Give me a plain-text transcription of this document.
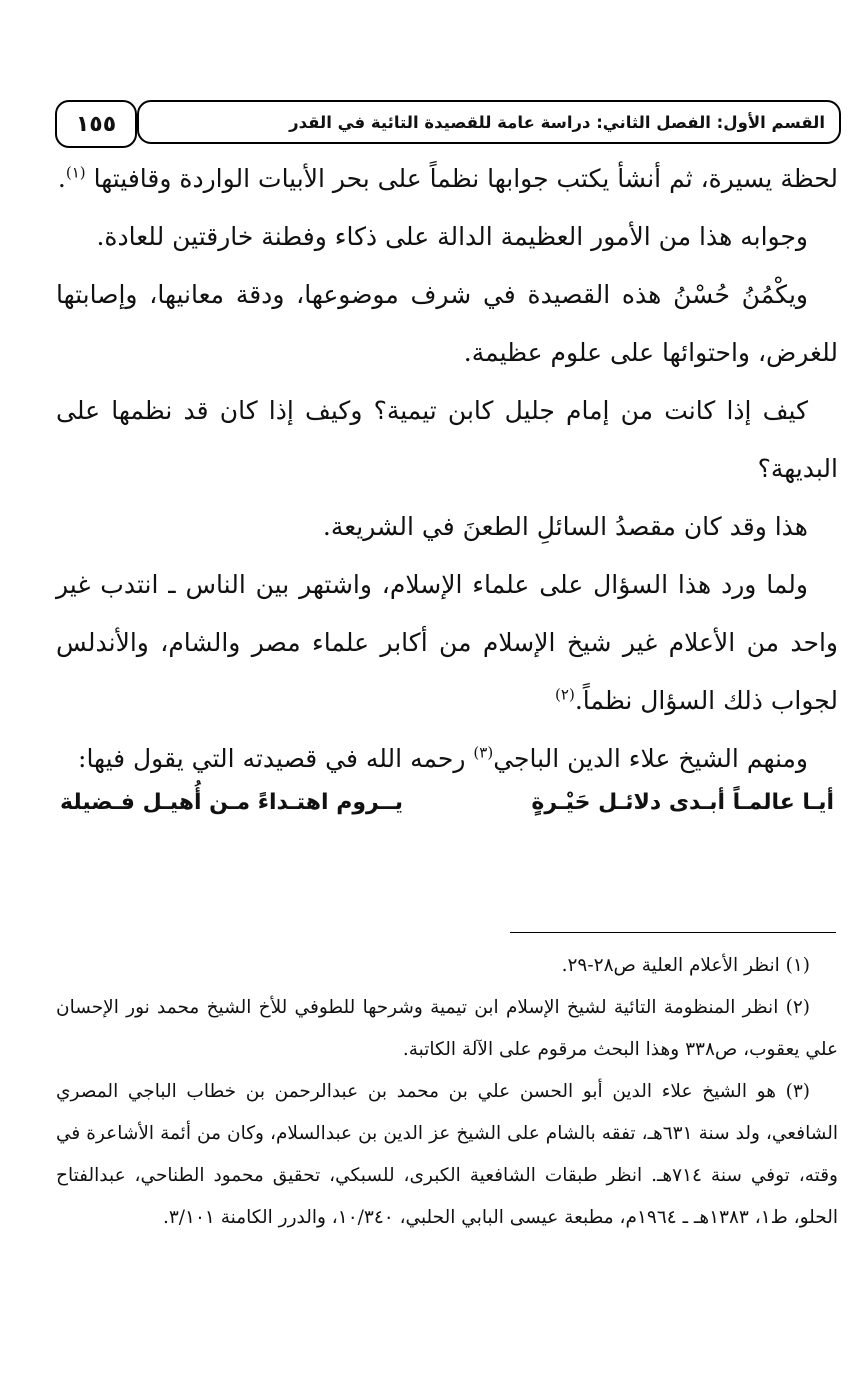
١٥٥	القسم الأول: الفصل الثاني: دراسة عامة للقصيدة التائية في القدر

لحظة يسيرة، ثم أنشأ يكتب جوابها نظماً على بحر الأبيات الواردة وقافيتها $^{(١)}$.

وجوابه هذا من الأمور العظيمة الدالة على ذكاء وفطنة خارقتين للعادة.

ويكْمُنُ حُسْنُ هذه القصيدة في شرف موضوعها، ودقة معانيها، وإصابتها للغرض، واحتوائها على علوم عظيمة.

كيف إذا كانت من إمام جليل كابن تيمية؟ وكيف إذا كان قد نظمها على البديهة؟

هذا وقد كان مقصدُ السائلِ الطعنَ في الشريعة.

ولما ورد هذا السؤال على علماء الإسلام، واشتهر بين الناس ـ انتدب غير واحد من الأعلام غير شيخ الإسلام من أكابر علماء مصر والشام، والأندلس لجواب ذلك السؤال نظماً.$^{(٢)}$

ومنهم الشيخ علاء الدين الباجي$^{(٣)}$ رحمه الله في قصيدته التي يقول فيها:

أيـا عالمـاً أبـدى دلائـل حَيْـرةٍ
يــروم اهتـداءً مـن أُهيـل فـضيلة

(١) انظر الأعلام العلية ص٢٨-٢٩.

(٢) انظر المنظومة التائية لشيخ الإسلام ابن تيمية وشرحها للطوفي للأخ الشيخ محمد نور الإحسان علي يعقوب، ص٣٣٨ وهذا البحث مرقوم على الآلة الكاتبة.

(٣) هو الشيخ علاء الدين أبو الحسن علي بن محمد بن عبدالرحمن بن خطاب الباجي المصري الشافعي، ولد سنة ٦٣١هـ، تفقه بالشام على الشيخ عز الدين بن عبدالسلام، وكان من أئمة الأشاعرة في وقته، توفي سنة ٧١٤هـ. انظر طبقات الشافعية الكبرى، للسبكي، تحقيق محمود الطناحي، عبدالفتاح الحلو، ط١، ١٣٨٣هـ ـ ١٩٦٤م، مطبعة عيسى البابي الحلبي، ١٠/٣٤٠، والدرر الكامنة ٣/١٠١.
